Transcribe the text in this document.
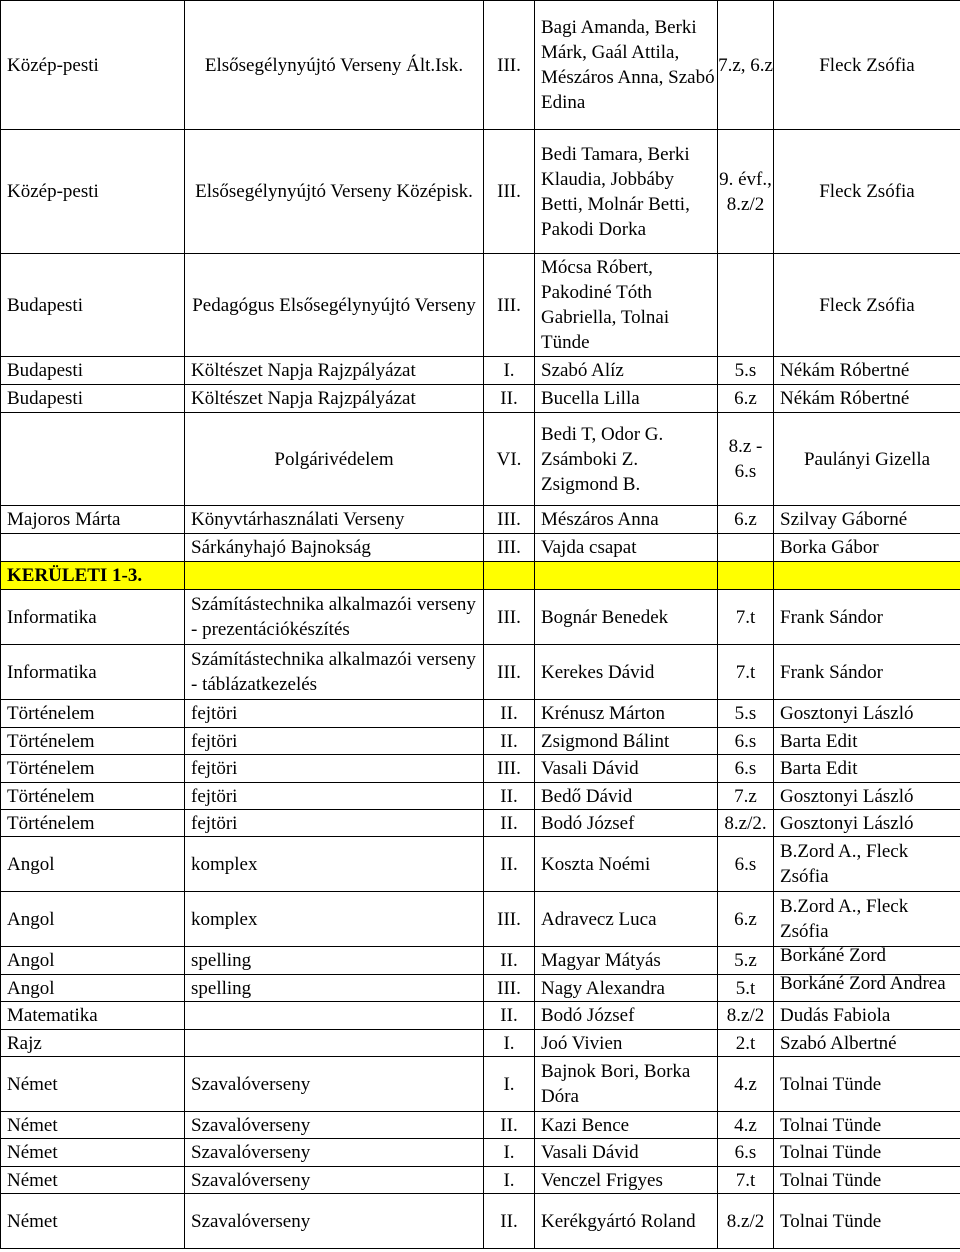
Közép-pesti	Elsősegélynyújtó Verseny Ált.Isk.	III.	Bagi Amanda, Berki Márk, Gaál Attila, Mészáros Anna, Szabó Edina	7.z, 6.z	Fleck Zsófia
Közép-pesti	Elsősegélynyújtó Verseny Középisk.	III.	Bedi Tamara, Berki Klaudia, Jobbáby Betti, Molnár Betti, Pakodi Dorka	9. évf., 8.z/2	Fleck Zsófia
Budapesti	Pedagógus Elsősegélynyújtó Verseny	III.	Mócsa Róbert, Pakodiné Tóth Gabriella, Tolnai Tünde		Fleck Zsófia
Budapesti	Költészet Napja Rajzpályázat	I.	Szabó Alíz	5.s	Nékám Róbertné
Budapesti	Költészet Napja Rajzpályázat	II.	Bucella Lilla	6.z	Nékám Róbertné
	Polgárivédelem	VI.	Bedi T, Odor G. Zsámboki Z. Zsigmond B.	8.z - 6.s	Paulányi Gizella
Majoros Márta	Könyvtárhasználati Verseny	III.	Mészáros Anna	6.z	Szilvay Gáborné
	Sárkányhajó Bajnokság	III.	Vajda csapat		Borka Gábor
KERÜLETI 1-3.					
Informatika	Számítástechnika alkalmazói verseny - prezentációkészítés	III.	Bognár Benedek	7.t	Frank Sándor
Informatika	Számítástechnika alkalmazói verseny - táblázatkezelés	III.	Kerekes Dávid	7.t	Frank Sándor
Történelem	fejtöri	II.	Krénusz Márton	5.s	Gosztonyi László
Történelem	fejtöri	II.	Zsigmond Bálint	6.s	Barta Edit
Történelem	fejtöri	III.	Vasali Dávid	6.s	Barta Edit
Történelem	fejtöri	II.	Bedő Dávid	7.z	Gosztonyi László
Történelem	fejtöri	II.	Bodó József	8.z/2.	Gosztonyi László
Angol	komplex	II.	Koszta Noémi	6.s	B.Zord A., Fleck Zsófia
Angol	komplex	III.	Adravecz Luca	6.z	B.Zord A., Fleck Zsófia
Angol	spelling	II.	Magyar Mátyás	5.z	Borkáné Zord
Angol	spelling	III.	Nagy Alexandra	5.t	Borkáné Zord Andrea
Matematika		II.	Bodó József	8.z/2	Dudás Fabiola
Rajz		I.	Joó Vivien	2.t	Szabó Albertné
Német	Szavalóverseny	I.	Bajnok Bori, Borka Dóra	4.z	Tolnai Tünde
Német	Szavalóverseny	II.	Kazi Bence	4.z	Tolnai Tünde
Német	Szavalóverseny	I.	Vasali Dávid	6.s	Tolnai Tünde
Német	Szavalóverseny	I.	Venczel Frigyes	7.t	Tolnai Tünde
Német	Szavalóverseny	II.	Kerékgyártó Roland	8.z/2	Tolnai Tünde
